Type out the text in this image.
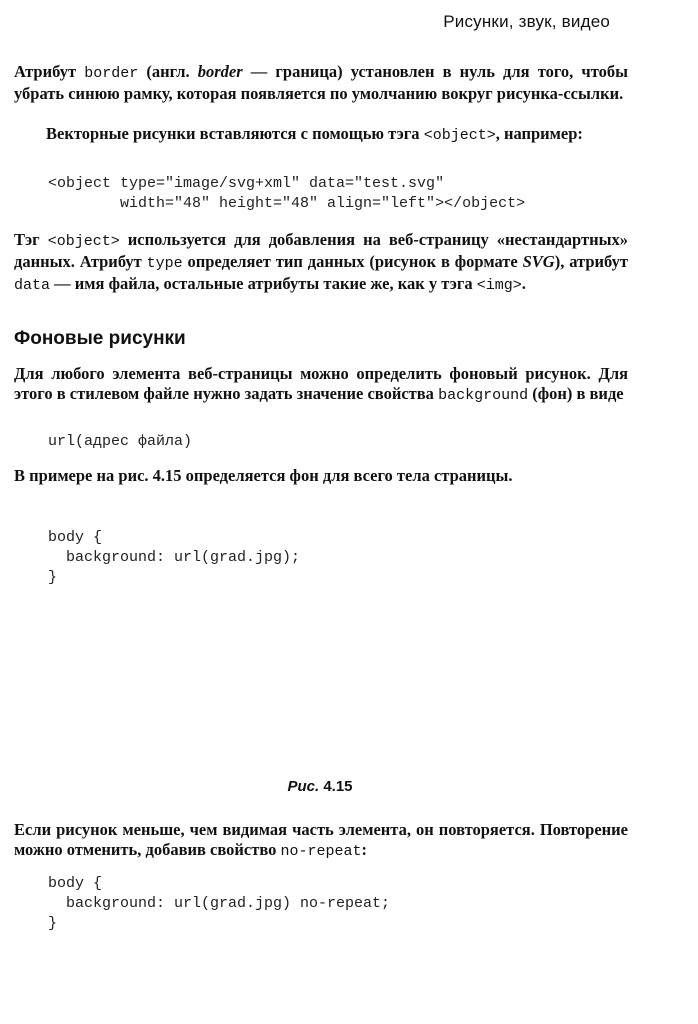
Рисунки, звук, видео

Атрибут border (англ. border — граница) установлен в нуль для того, чтобы убрать синюю рамку, которая появляется по умолчанию вокруг рисунка-ссылки.

Векторные рисунки вставляются с помощью тэга <object>, например:

<object type="image/svg+xml" data="test.svg"
width="48" height="48" align="left"></object>

Тэг <object> используется для добавления на веб-страницу «нестандартных» данных. Атрибут type определяет тип данных (рисунок в формате SVG), атрибут data — имя файла, остальные атрибуты такие же, как у тэга <img>.

Фоновые рисунки

Для любого элемента веб-страницы можно определить фоновый рисунок. Для этого в стилевом файле нужно задать значение свойства background (фон) в виде

url(адрес файла)

В примере на рис. 4.15 определяется фон для всего тела страницы.

body {
background: url(grad.jpg);
}
Рис. 4.15

Если рисунок меньше, чем видимая часть элемента, он повторяется. Повторение можно отменить, добавив свойство no-repeat:

body {
background: url(grad.jpg) no-repeat;
}
